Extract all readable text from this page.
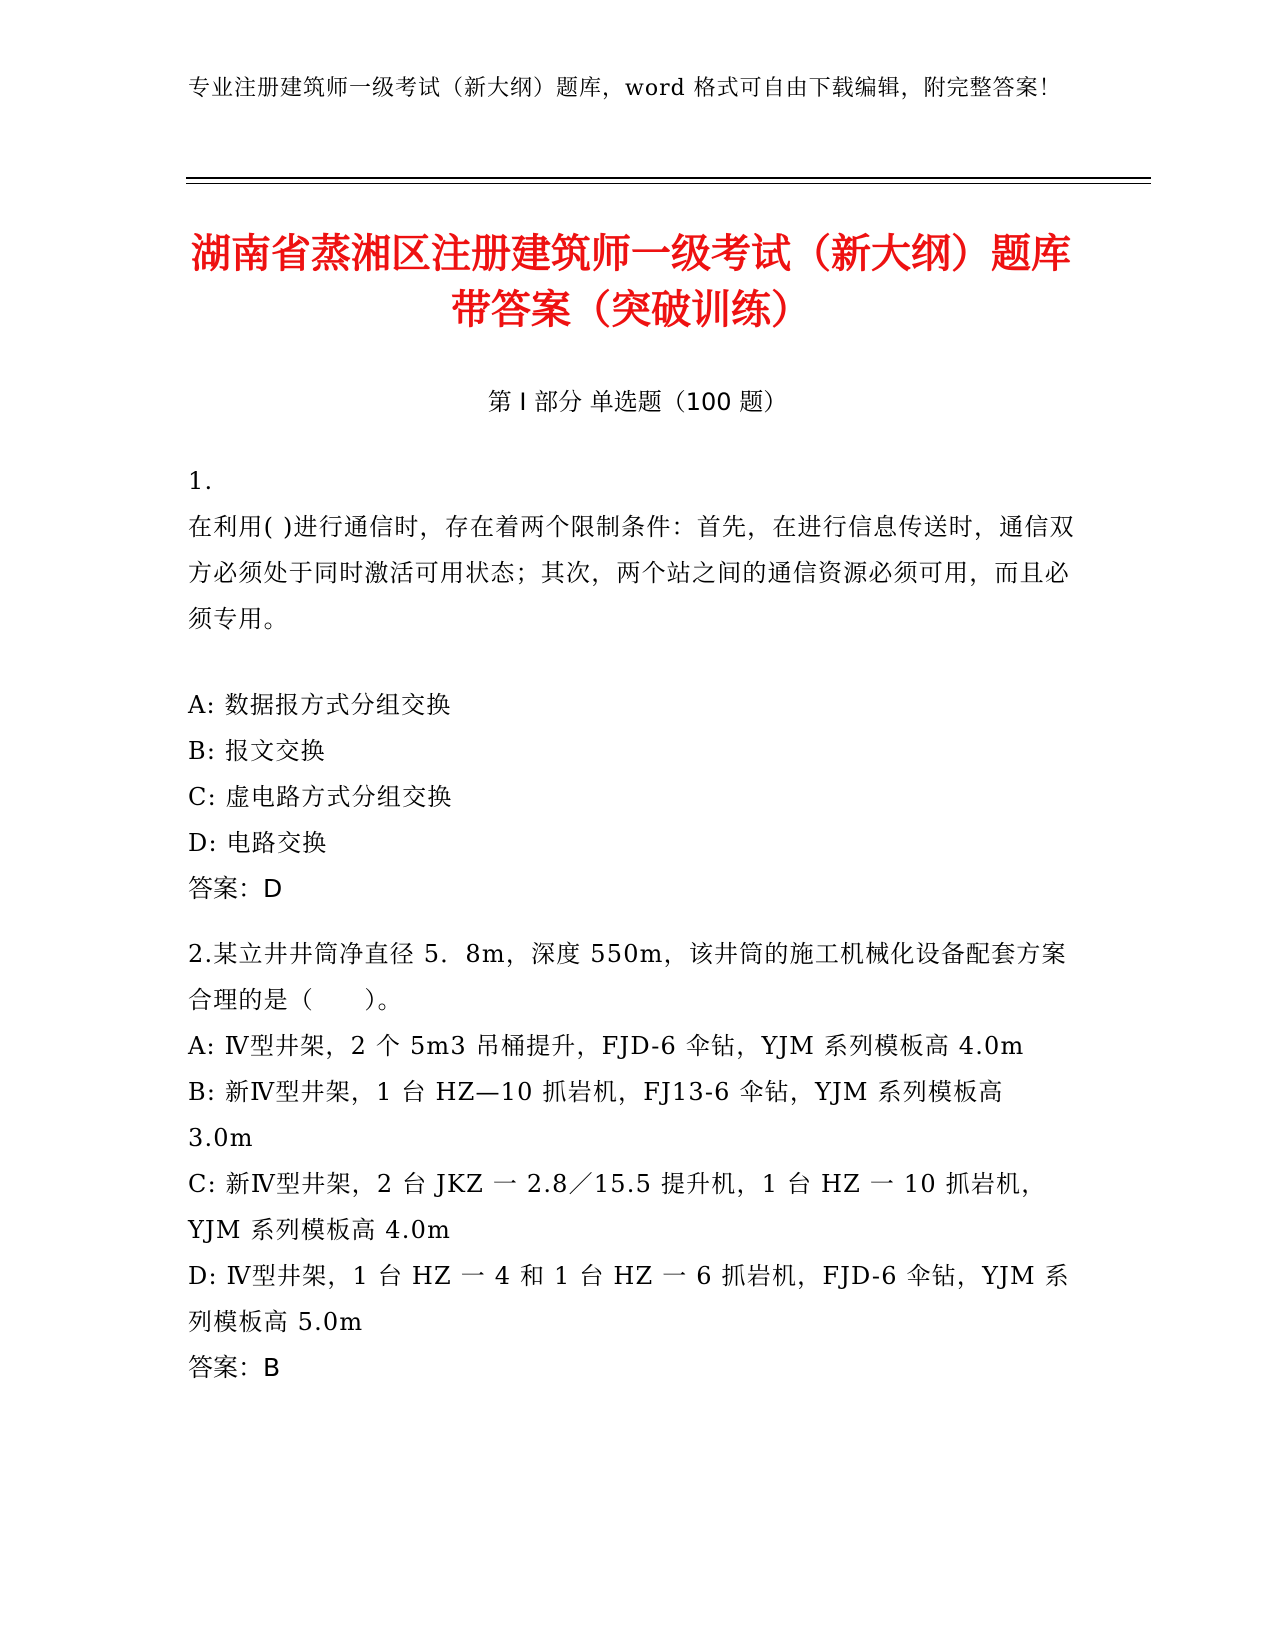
专业注册建筑师一级考试（新大纲）题库，word 格式可自由下载编辑，附完整答案！
湖南省蒸湘区注册建筑师一级考试（新大纲）题库带答案（突破训练）
第 I 部分 单选题（100 题）
1.
在利用( )进行通信时，存在着两个限制条件：首先，在进行信息传送时，通信双方必须处于同时激活可用状态；其次，两个站之间的通信资源必须可用，而且必须专用。
A: 数据报方式分组交换
B: 报文交换
C: 虚电路方式分组交换
D: 电路交换
答案：D
2.某立井井筒净直径 5．8m，深度 550m，该井筒的施工机械化设备配套方案合理的是（　　）。
A: Ⅳ型井架，2 个 5m3 吊桶提升，FJD-6 伞钻，YJM 系列模板高 4.0m
B: 新Ⅳ型井架，1 台 HZ—10 抓岩机，FJ13-6 伞钻，YJM 系列模板高 3.0m
C: 新Ⅳ型井架，2 台 JKZ 一 2.8／15.5 提升机，1 台 HZ 一 10 抓岩机，YJM 系列模板高 4.0m
D: Ⅳ型井架，1 台 HZ 一 4 和 1 台 HZ 一 6 抓岩机，FJD-6 伞钻，YJM 系列模板高 5.0m
答案：B
